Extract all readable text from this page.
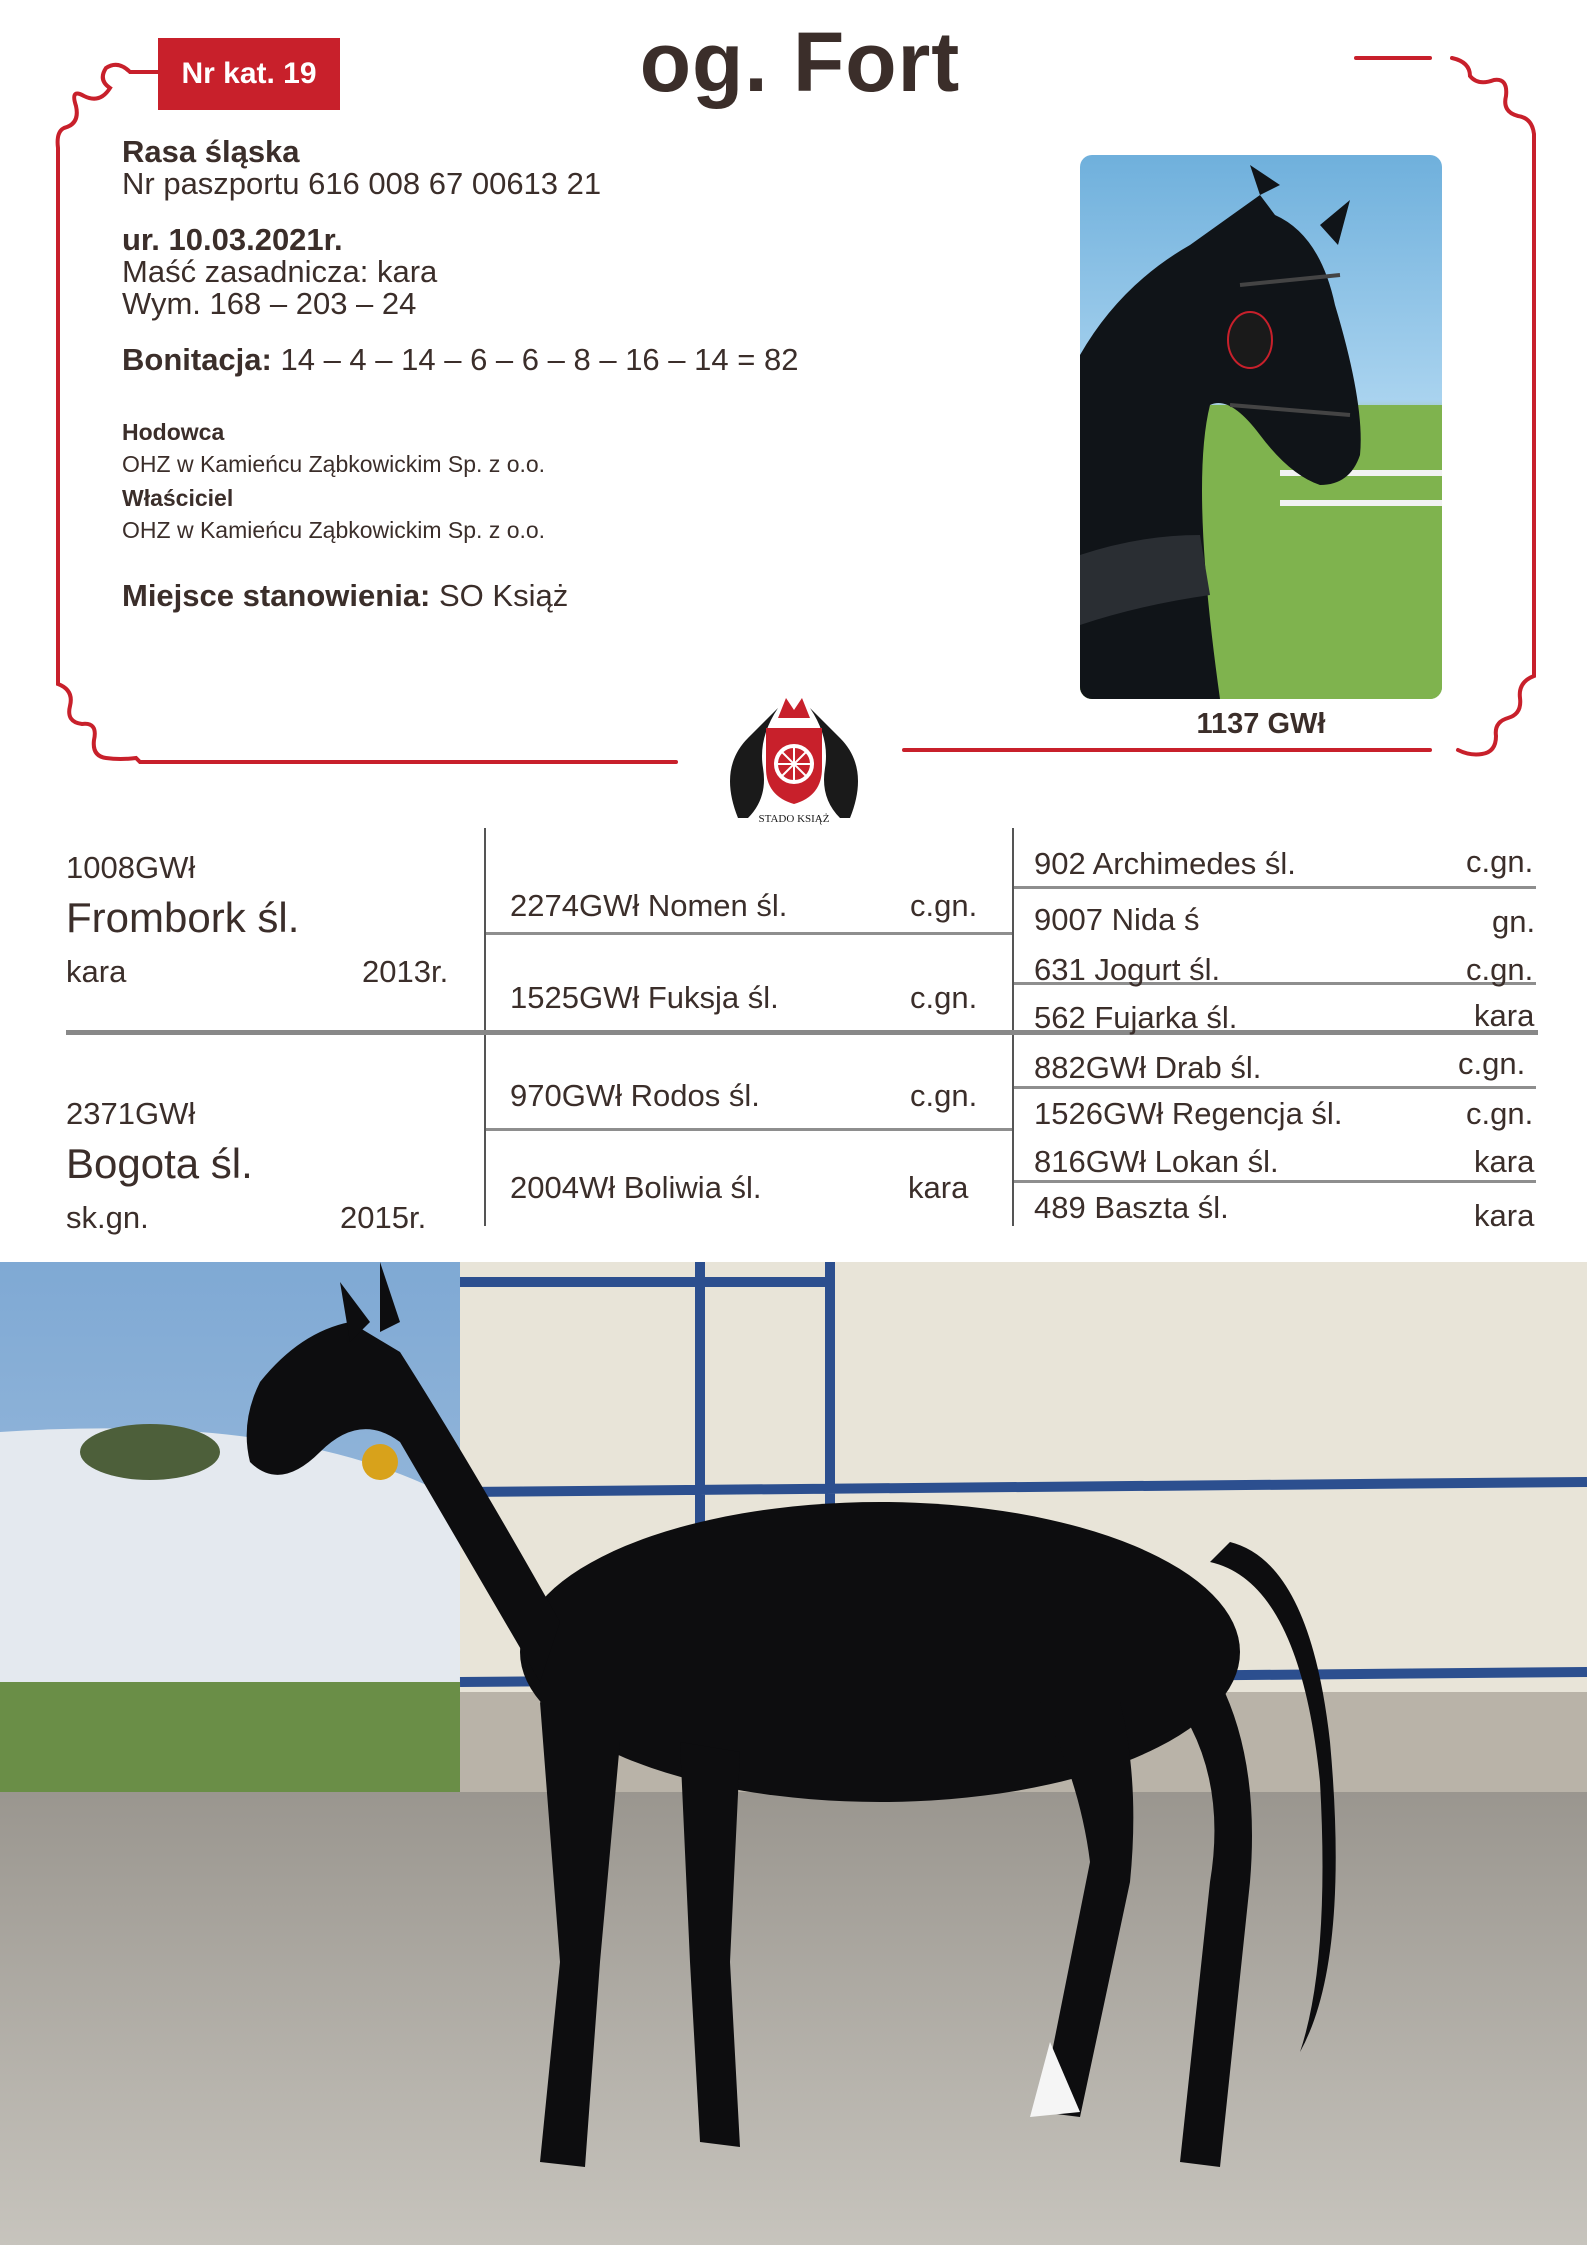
Nr kat. 19	og. Fort
Rasa śląska
Nr paszportu 616 008 67 00613 21
ur. 10.03.2021r.
Maść zasadnicza: kara
Wym. 168 – 203 – 24
Bonitacja: 14 – 4 – 14 – 6 – 6 – 8 – 16 – 14 = 82
Hodowca
OHZ w Kamieńcu Ząbkowickim Sp. z o.o.
Właściciel
OHZ w Kamieńcu Ząbkowickim Sp. z o.o.
Miejsce stanowienia: SO Książ
1137 GWł
STADO KSIĄŻ
1008GWł
Frombork śl.
kara	2013r.
2371GWł
Bogota śl.
sk.gn.	2015r.
2274GWł Nomen śl.	c.gn.
1525GWł Fuksja śl.	c.gn.
970GWł Rodos śl.	c.gn.
2004Wł Boliwia śl.	kara
902 Archimedes śl.	c.gn.
9007 Nida ś	gn.
631 Jogurt śl.	c.gn.
562 Fujarka śl.	kara
882GWł Drab śl.	c.gn.
1526GWł Regencja śl.	c.gn.
816GWł Lokan śl.	kara
489 Baszta śl.	kara
